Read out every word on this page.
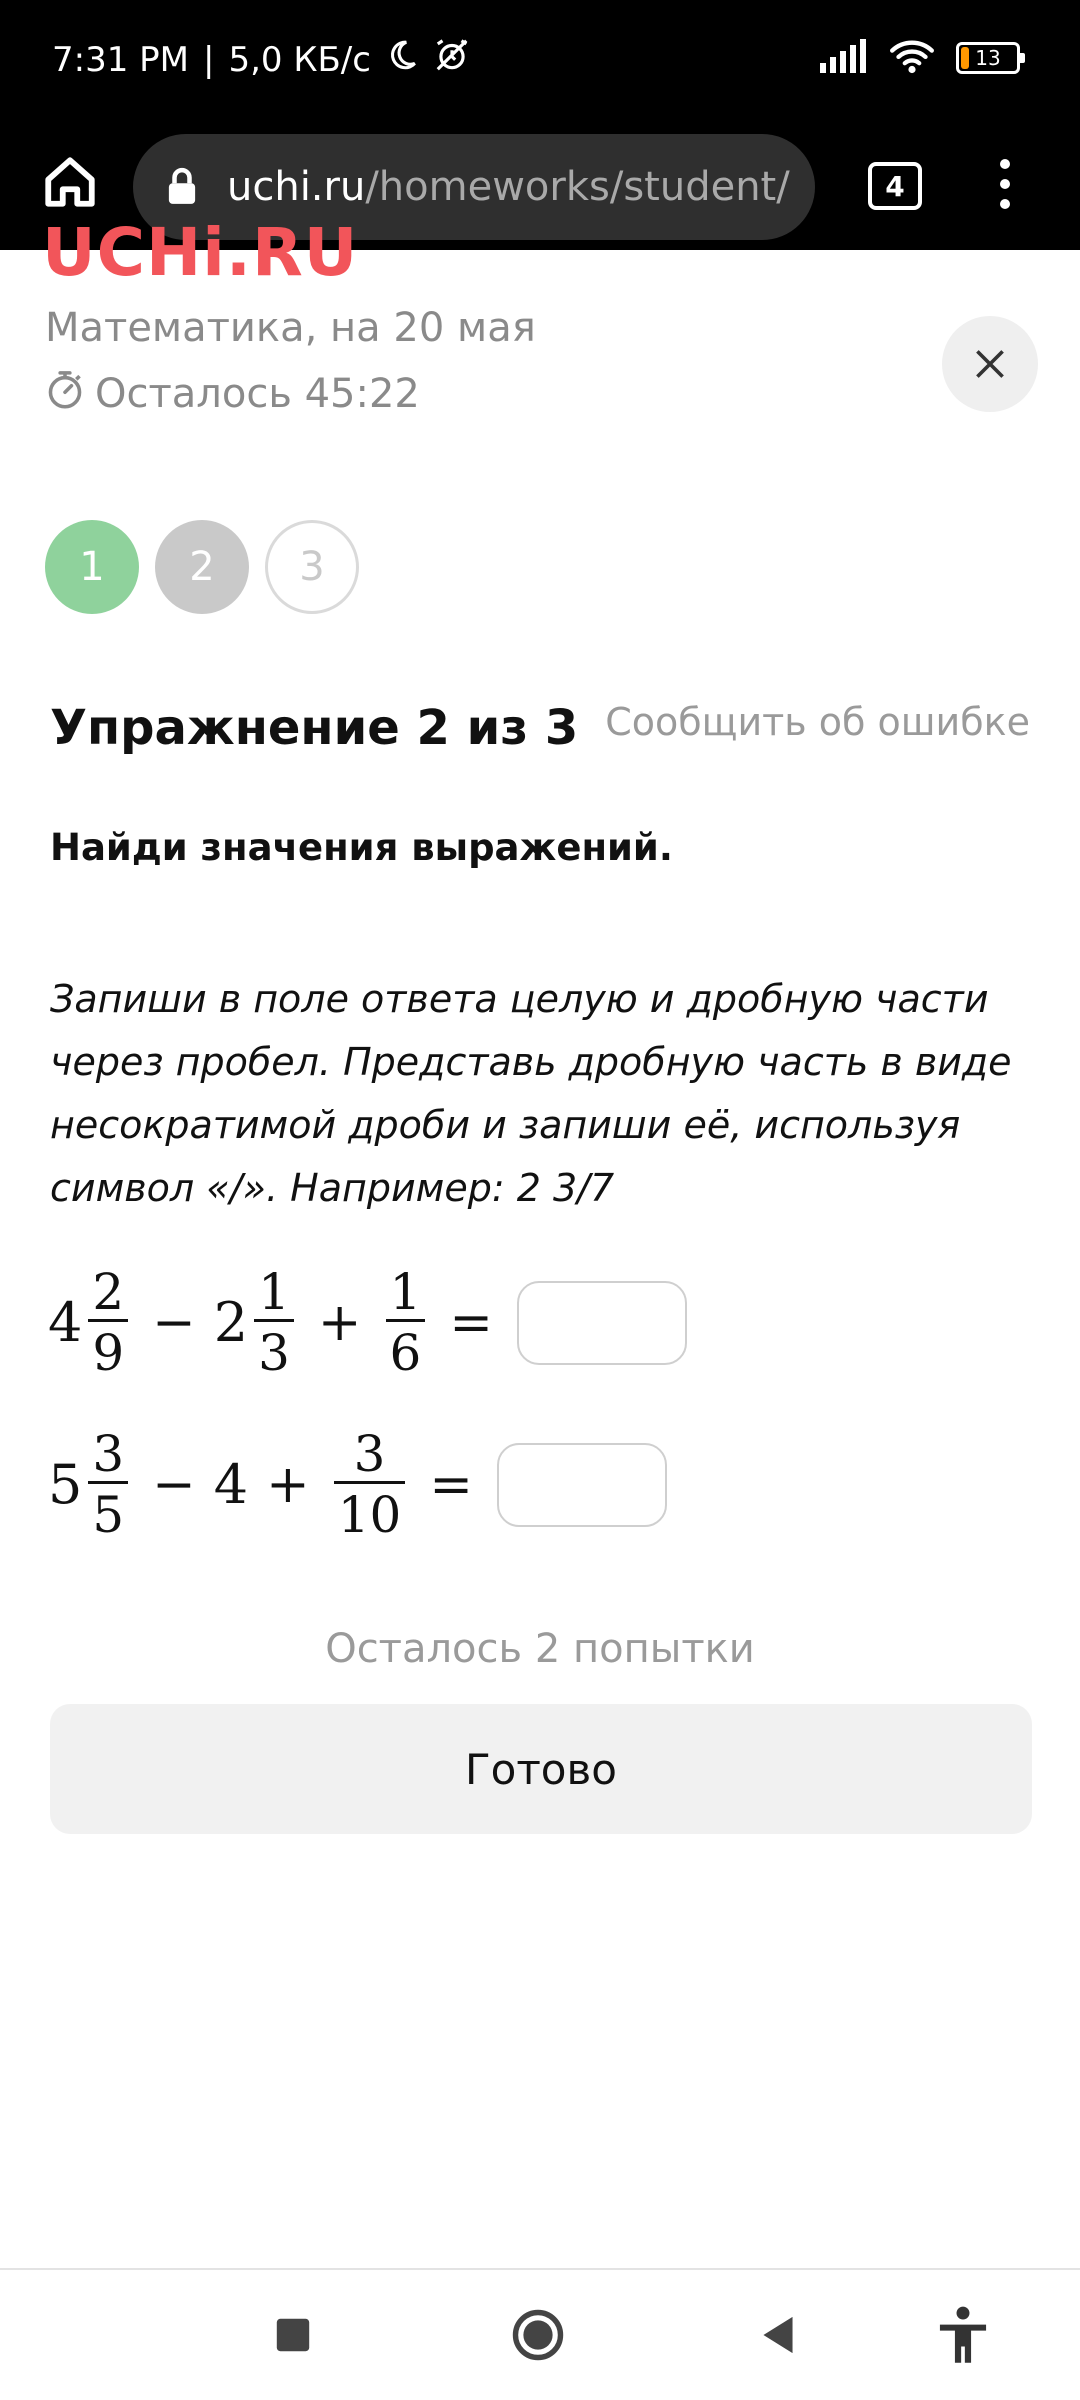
7:31 PM | 5,0 КБ/с	13
uchi.ru/homeworks/student/	4
UCHi.RU
Математика, на 20 мая
Осталось 45:22
1	2	3
Упражнение 2 из 3 Сообщить об ошибке
Найди значения выражений.
Запиши в поле ответа целую и дробную части через пробел. Представь дробную часть в виде несократимой дроби и запиши её, используя символ «/». Например: 2 3/7
$4 \frac{2}{9} - 2 \frac{1}{3} + \frac{1}{6}$ =
$5 \frac{3}{5} - 4 + \frac{3}{10}$ =
Осталось 2 попытки
Готово
